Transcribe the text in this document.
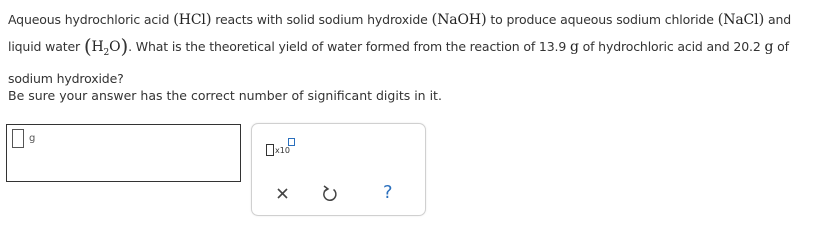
Aqueous hydrochloric acid (HCl) reacts with solid sodium hydroxide (NaOH) to produce aqueous sodium chloride (NaCl) and
liquid water $(H_2O)$. What is the theoretical yield of water formed from the reaction of 13.9 g of hydrochloric acid and 20.2 g of
sodium hydroxide?
Be sure your answer has the correct number of significant digits in it.
g
x10
?
